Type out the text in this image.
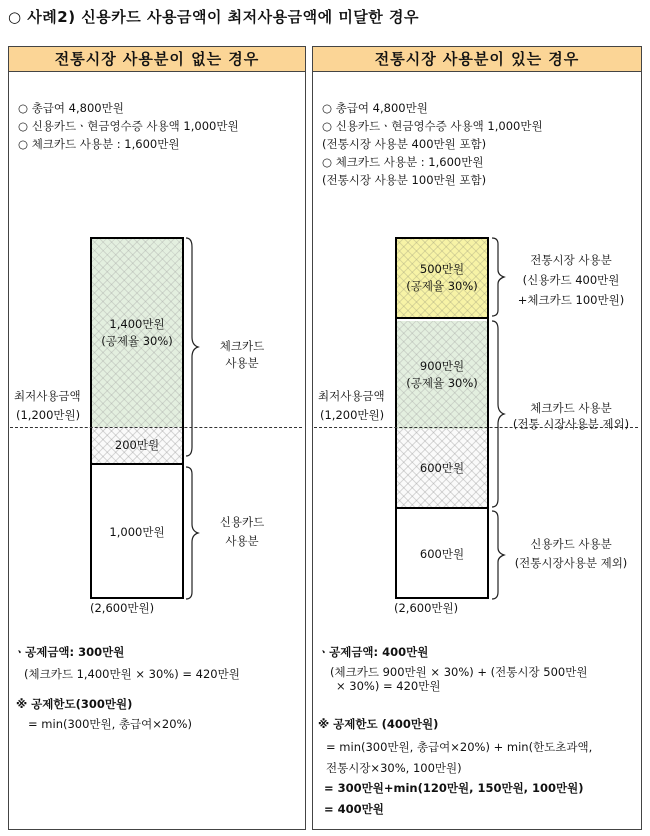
○ 사례2) 신용카드 사용금액이 최저사용금액에 미달한 경우
전통시장 사용분이 없는 경우
○ 총급여 4,800만원
○ 신용카드ㆍ현금영수증 사용액 1,000만원
○ 체크카드 사용분 : 1,600만원
1,400만원
(공제율 30%)
200만원
1,000만원
최저사용금액
(1,200만원)
체크카드
사용분
신용카드
사용분
(2,600만원)
ㆍ공제금액: 300만원
(체크카드 1,400만원 × 30%) = 420만원
※ 공제한도(300만원)
= min(300만원, 총급여×20%)
전통시장 사용분이 있는 경우
○ 총급여 4,800만원
○ 신용카드ㆍ현금영수증 사용액 1,000만원
(전통시장 사용분 400만원 포함)
○ 체크카드 사용분 : 1,600만원
(전통시장 사용분 100만원 포함)
500만원
(공제율 30%)
900만원
(공제율 30%)
600만원
600만원
최저사용금액
(1,200만원)
전통시장 사용분
(신용카드 400만원
+체크카드 100만원)
체크카드 사용분
(전통 시장사용분 제외)
신용카드 사용분
(전통시장사용분 제외)
(2,600만원)
ㆍ공제금액: 400만원
(체크카드 900만원 × 30%) + (전통시장 500만원
× 30%) = 420만원
※ 공제한도 (400만원)
= min(300만원, 총급여×20%) + min(한도초과액,
전통시장×30%, 100만원)
= 300만원+min(120만원, 150만원, 100만원)
= 400만원
